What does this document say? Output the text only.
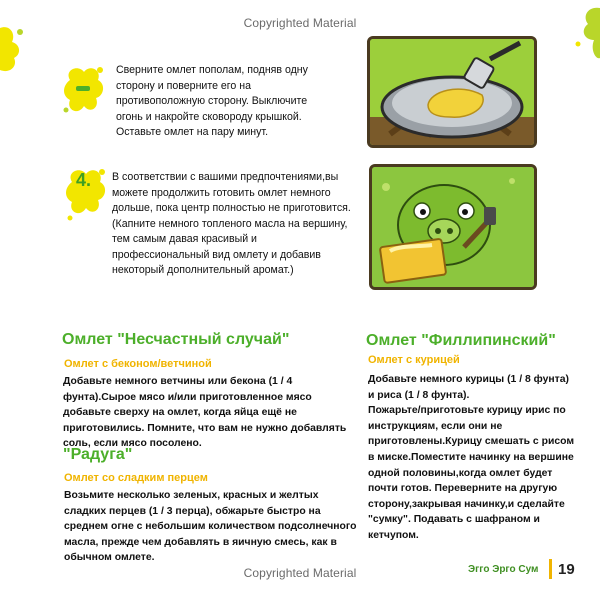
Copyrighted Material
Сверните омлет пополам, подняв одну
сторону и поверните его на
противоположную сторону. Выключите
огонь и накройте сковороду крышкой.
Оставьте омлет на пару минут.
4. В соответствии с вашими предпочтениями,вы
можете продолжить готовить омлет немного
дольше, пока центр полностью не приготовится.
(Капните немного топленого масла на вершину,
тем самым давая красивый и
профессиональный вид омлету и добавив
некоторый дополнительный аромат.)
Омлет "Несчастный случай"
Омлет с беконом/ветчиной
Добавьте немного ветчины или бекона (1 / 4
фунта).Сырое мясо и/или приготовленное мясо
добавьте сверху на омлет, когда яйца ещё не
приготовились. Помните, что вам не нужно добавлять
соль, если мясо посолено.
"Радуга"
Омлет со сладким перцем
Возьмите несколько зеленых, красных и желтых
сладких перцев (1 / 3 перца), обжарьте быстро на
среднем огне с небольшим количеством подсолнечного
масла, прежде чем добавлять в яичную смесь, как в
обычном омлете.
Омлет "Филлипинский"
Омлет с курицей
Добавьте немного курицы (1 / 8 фунта)
и риса (1 / 8 фунта).
Пожарьте/приготовьте курицу ирис по
инструкциям, если они не
приготовлены.Курицу смешать с рисом
в миске.Поместите начинку на вершине
одной половины,когда омлет будет
почти готов. Переверните на другую
сторону,закрывая начинку,и сделайте
"сумку". Подавать с шафраном и
кетчупом.
Copyrighted Material	Эгго Эрго Сум 19
